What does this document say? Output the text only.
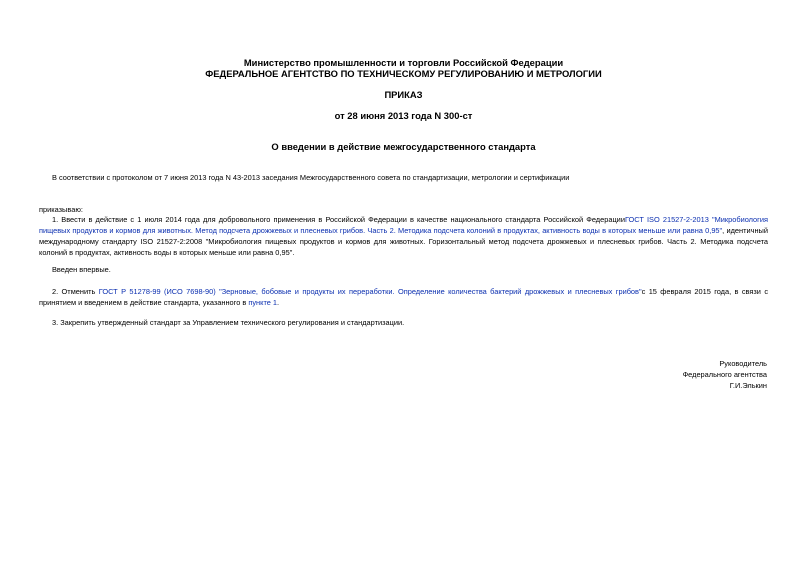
Министерство промышленности и торговли Российской Федерации
ФЕДЕРАЛЬНОЕ АГЕНТСТВО ПО ТЕХНИЧЕСКОМУ РЕГУЛИРОВАНИЮ И МЕТРОЛОГИИ
ПРИКАЗ
от 28 июня 2013 года N 300-ст
О введении в действие межгосударственного стандарта
В соответствии с протоколом от 7 июня 2013 года N 43-2013 заседания Межгосударственного совета по стандартизации, метрологии и сертификации
приказываю:
1. Ввести в действие с 1 июля 2014 года для добровольного применения в Российской Федерации в качестве национального стандарта Российской ФедерацииГОСТ ISO 21527-2-2013 "Микробиология пищевых продуктов и кормов для животных. Метод подсчета дрожжевых и плесневых грибов. Часть 2. Методика подсчета колоний в продуктах, активность воды в которых меньше или равна 0,95", идентичный международному стандарту ISO 21527-2:2008 "Микробиология пищевых продуктов и кормов для животных. Горизонтальный метод подсчета дрожжевых и плесневых грибов. Часть 2. Методика подсчета колоний в продуктах, активность воды в которых меньше или равна 0,95".
Введен впервые.
2. Отменить ГОСТ Р 51278-99 (ИСО 7698-90) "Зерновые, бобовые и продукты их переработки. Определение количества бактерий дрожжевых и плесневых грибов"с 15 февраля 2015 года, в связи с принятием и введением в действие стандарта, указанного в пункте 1.
3. Закрепить утвержденный стандарт за Управлением технического регулирования и стандартизации.
Руководитель
Федерального агентства
Г.И.Элькин
